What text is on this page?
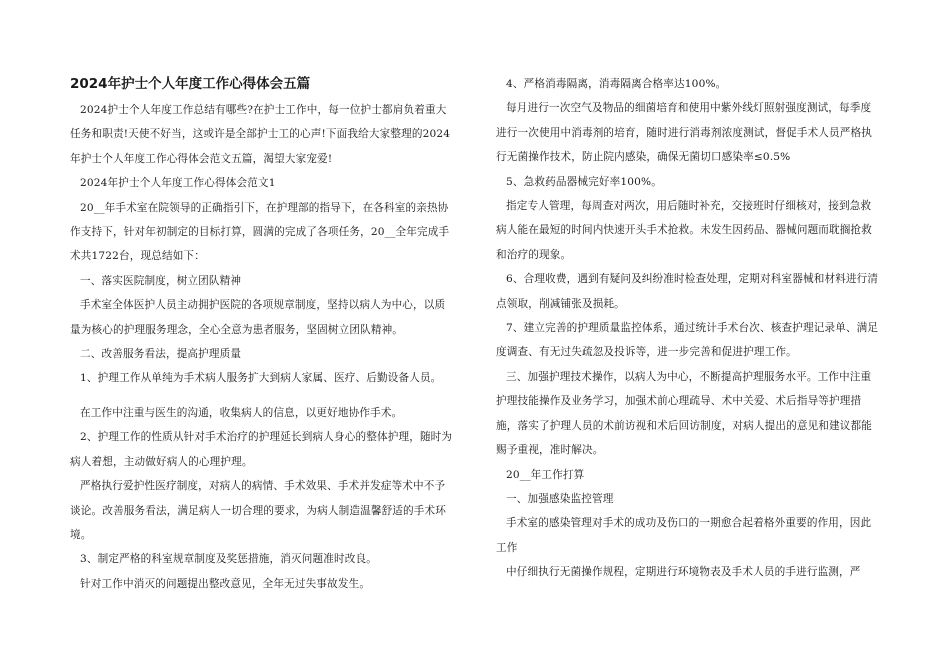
2024年护士个人年度工作心得体会五篇

2024护士个人年度工作总结有哪些?在护士工作中，每一位护士都肩负着重大任务和职责!天使不好当，这或许是全部护士工的心声!下面我给大家整理的2024年护士个人年度工作心得体会范文五篇，渴望大家宠爱!

2024年护士个人年度工作心得体会范文1

20__年手术室在院领导的正确指引下，在护理部的指导下，在各科室的亲热协作支持下，针对年初制定的目标打算，圆满的完成了各项任务，20__全年完成手术共1722台，现总结如下：

一、落实医院制度，树立团队精神

手术室全体医护人员主动拥护医院的各项规章制度，坚持以病人为中心，以质量为核心的护理服务理念，全心全意为患者服务，坚固树立团队精神。

二、改善服务看法，提高护理质量

1、护理工作从单纯为手术病人服务扩大到病人家属、医疗、后勤设备人员。

在工作中注重与医生的沟通，收集病人的信息，以更好地协作手术。

2、护理工作的性质从针对手术治疗的护理延长到病人身心的整体护理，随时为病人着想，主动做好病人的心理护理。

严格执行爱护性医疗制度，对病人的病情、手术效果、手术并发症等术中不予谈论。改善服务看法，满足病人一切合理的要求，为病人制造温馨舒适的手术环境。

3、制定严格的科室规章制度及奖惩措施，消灭问题准时改良。

针对工作中消灭的问题提出整改意见，全年无过失事故发生。

4、严格消毒隔离，消毒隔离合格率达100%。

每月进行一次空气及物品的细菌培育和使用中紫外线灯照射强度测试，每季度进行一次使用中消毒剂的培育，随时进行消毒剂浓度测试，督促手术人员严格执行无菌操作技术，防止院内感染，确保无菌切口感染率≤0.5%

5、急救药品器械完好率100%。

指定专人管理，每周查对两次，用后随时补充，交接班时仔细核对，接到急救病人能在最短的时间内快速开头手术抢救。未发生因药品、器械问题而耽搁抢救和治疗的现象。

6、合理收费，遇到有疑问及纠纷准时检查处理，定期对科室器械和材料进行清点领取，削减铺张及损耗。

7、建立完善的护理质量监控体系，通过统计手术台次、核查护理记录单、满足度调查、有无过失疏忽及投诉等，进一步完善和促进护理工作。

三、加强护理技术操作，以病人为中心，不断提高护理服务水平。工作中注重护理技能操作及业务学习，加强术前心理疏导、术中关爱、术后指导等护理措施，落实了护理人员的术前访视和术后回访制度，对病人提出的意见和建议都能赐予重视，准时解决。

20__年工作打算

一、加强感染监控管理

手术室的感染管理对手术的成功及伤口的一期愈合起着格外重要的作用，因此工作

中仔细执行无菌操作规程，定期进行环境物表及手术人员的手进行监测，严
